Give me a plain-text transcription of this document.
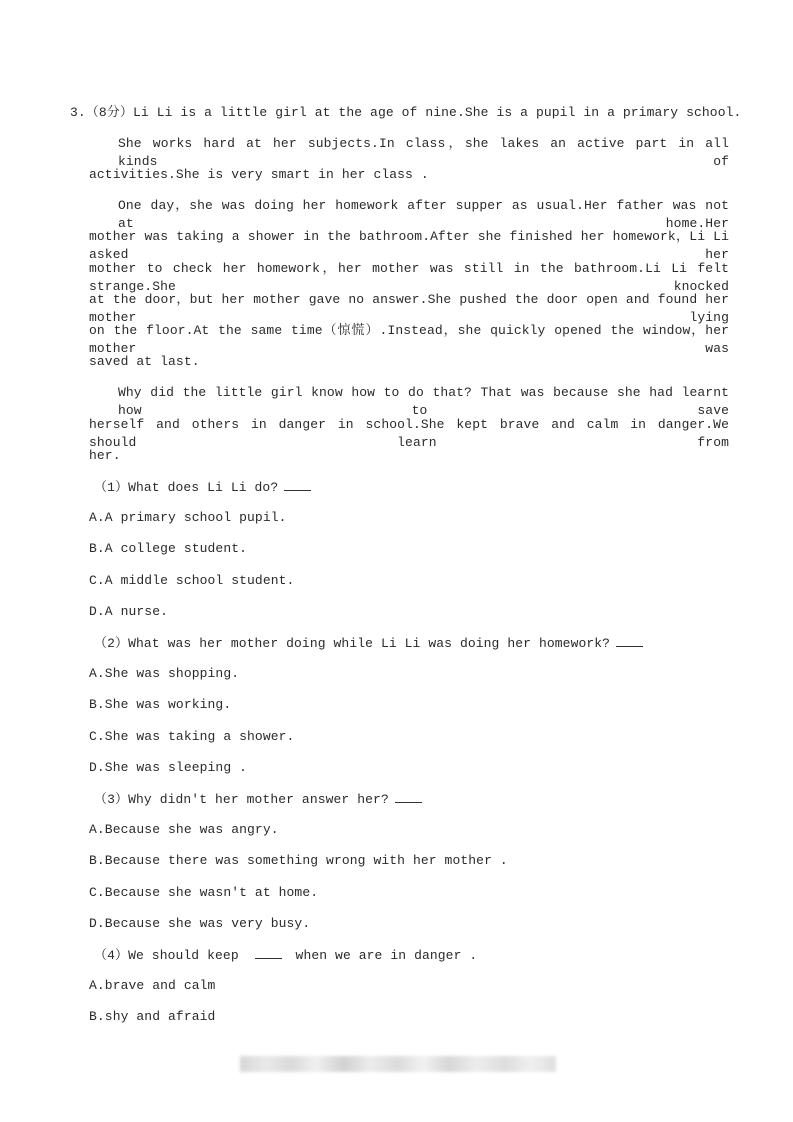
3.（8分）Li Li is a little girl at the age of nine.She is a pupil in a primary school.
She works hard at her subjects.In class，she lakes an active part in all kinds of
activities.She is very smart in her class .
One day，she was doing her homework after supper as usual.Her father was not at home.Her
mother was taking a shower in the bathroom.After she finished her homework，Li Li asked her
mother to check her homework，her mother was still in the bathroom.Li Li felt strange.She knocked
at the door，but her mother gave no answer.She pushed the door open and found her mother lying
on the floor.At the same time（惊慌）.Instead，she quickly opened the window，her mother was
saved at last.
Why did the little girl know how to do that? That was because she had learnt how to save
herself and others in danger in school.She kept brave and calm in danger.We should learn from
her.
（1）What does Li Li do?
A.A primary school pupil.
B.A college student.
C.A middle school student.
D.A nurse.
（2）What was her mother doing while Li Li was doing her homework?
A.She was shopping.
B.She was working.
C.She was taking a shower.
D.She was sleeping .
（3）Why didn't her mother answer her?
A.Because she was angry.
B.Because there was something wrong with her mother .
C.Because she wasn't at home.
D.Because she was very busy.
（4）We should keep	when we are in danger .
A.brave and calm
B.shy and afraid
